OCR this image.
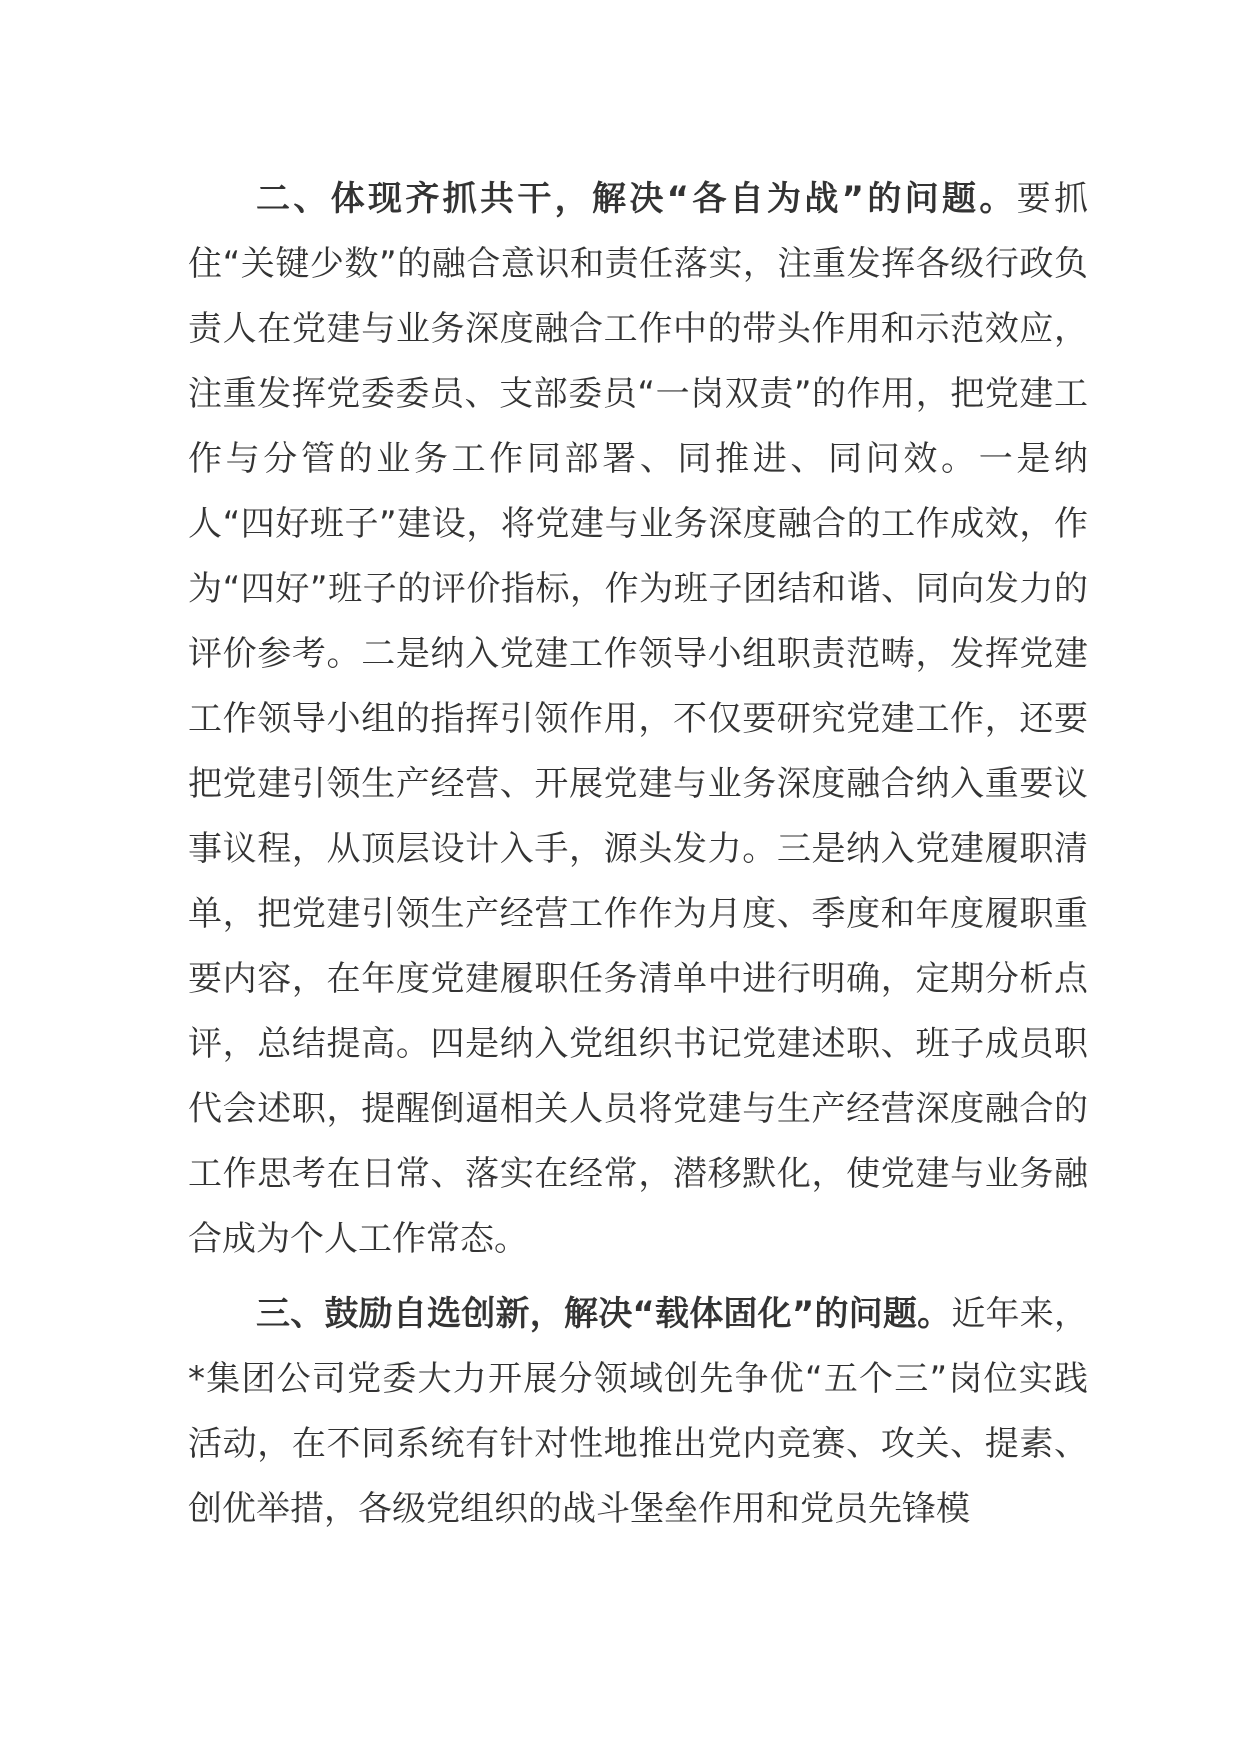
二、体现齐抓共干，解决“各自为战”的问题。要抓住“关键少数”的融合意识和责任落实，注重发挥各级行政负责人在党建与业务深度融合工作中的带头作用和示范效应，注重发挥党委委员、支部委员“一岗双责”的作用，把党建工作与分管的业务工作同部署、同推进、同问效。一是纳人“四好班子”建设，将党建与业务深度融合的工作成效，作为“四好”班子的评价指标，作为班子团结和谐、同向发力的评价参考。二是纳入党建工作领导小组职责范畴，发挥党建工作领导小组的指挥引领作用，不仅要研究党建工作，还要把党建引领生产经营、开展党建与业务深度融合纳入重要议事议程，从顶层设计入手，源头发力。三是纳入党建履职清单，把党建引领生产经营工作作为月度、季度和年度履职重要内容，在年度党建履职任务清单中进行明确，定期分析点评，总结提高。四是纳入党组织书记党建述职、班子成员职代会述职，提醒倒逼相关人员将党建与生产经营深度融合的工作思考在日常、落实在经常，潜移默化，使党建与业务融合成为个人工作常态。

三、鼓励自选创新，解决“载体固化”的问题。近年来，*集团公司党委大力开展分领域创先争优“五个三”岗位实践活动，在不同系统有针对性地推出党内竞赛、攻关、提素、创优举措，各级党组织的战斗堡垒作用和党员先锋模
